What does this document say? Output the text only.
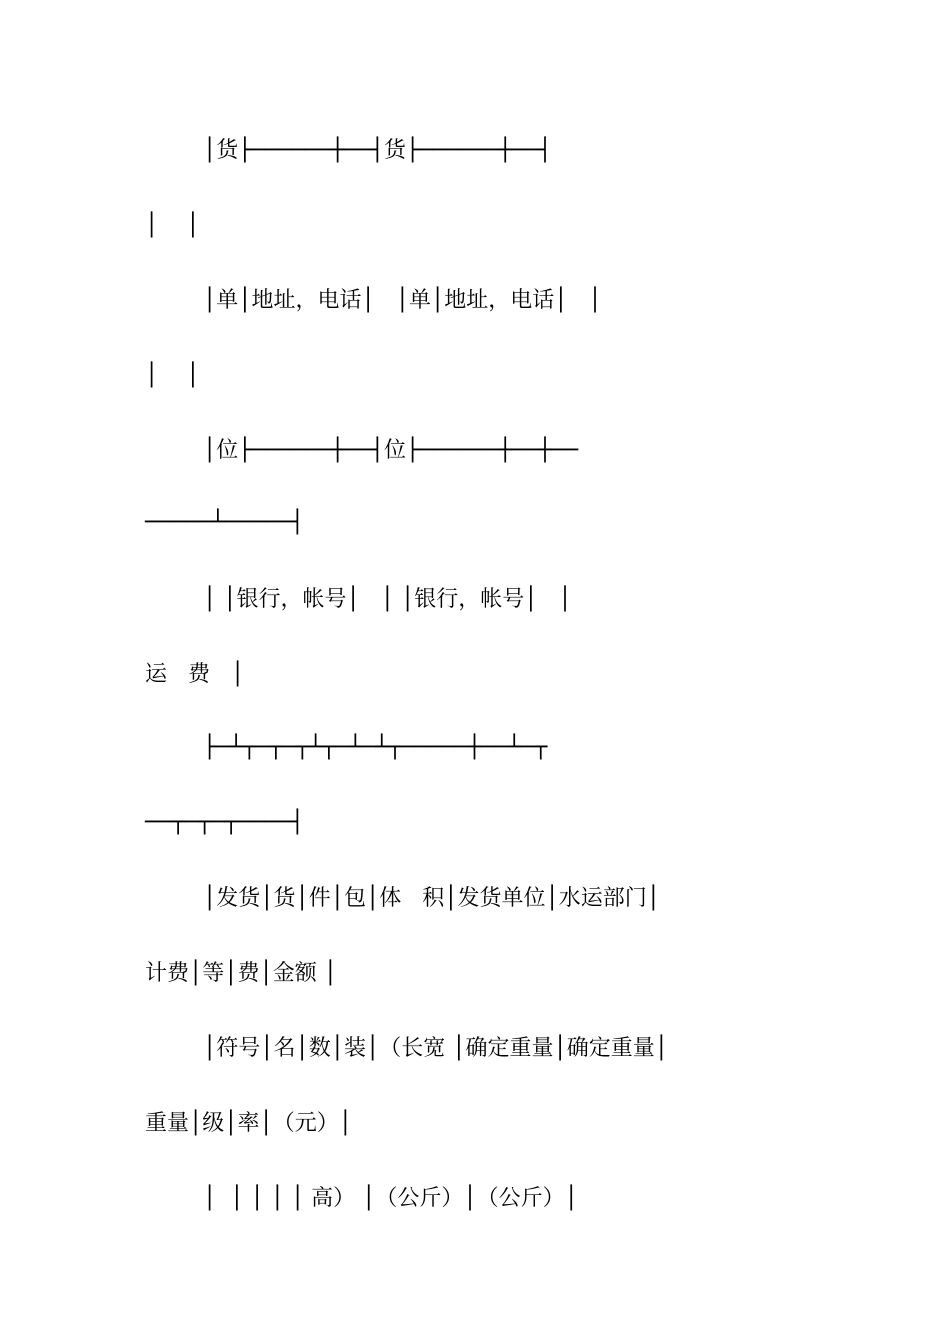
│货├──────┼──┤货├──────┼──┤
│    │
│单│地址，电话│   │单│地址，电话│   │
│    │
│位├──────┼──┤位├──────┼──┼──
─────┴─────┤
│ │银行，帐号│   │ │银行，帐号│   │
运   费   │
├─┴┬─┬─┬┴┬─┴─┴┬─────┼──┴─┬
──┬─┬─┬────┤
│发货│货│件│包│体   积│发货单位│水运部门│
计费│等│费│金额 │
│符号│名│数│装│（长宽 │确定重量│确定重量│
重量│级│率│（元）│
│  │ │ │ │ 高） │（公斤）│（公斤）│
